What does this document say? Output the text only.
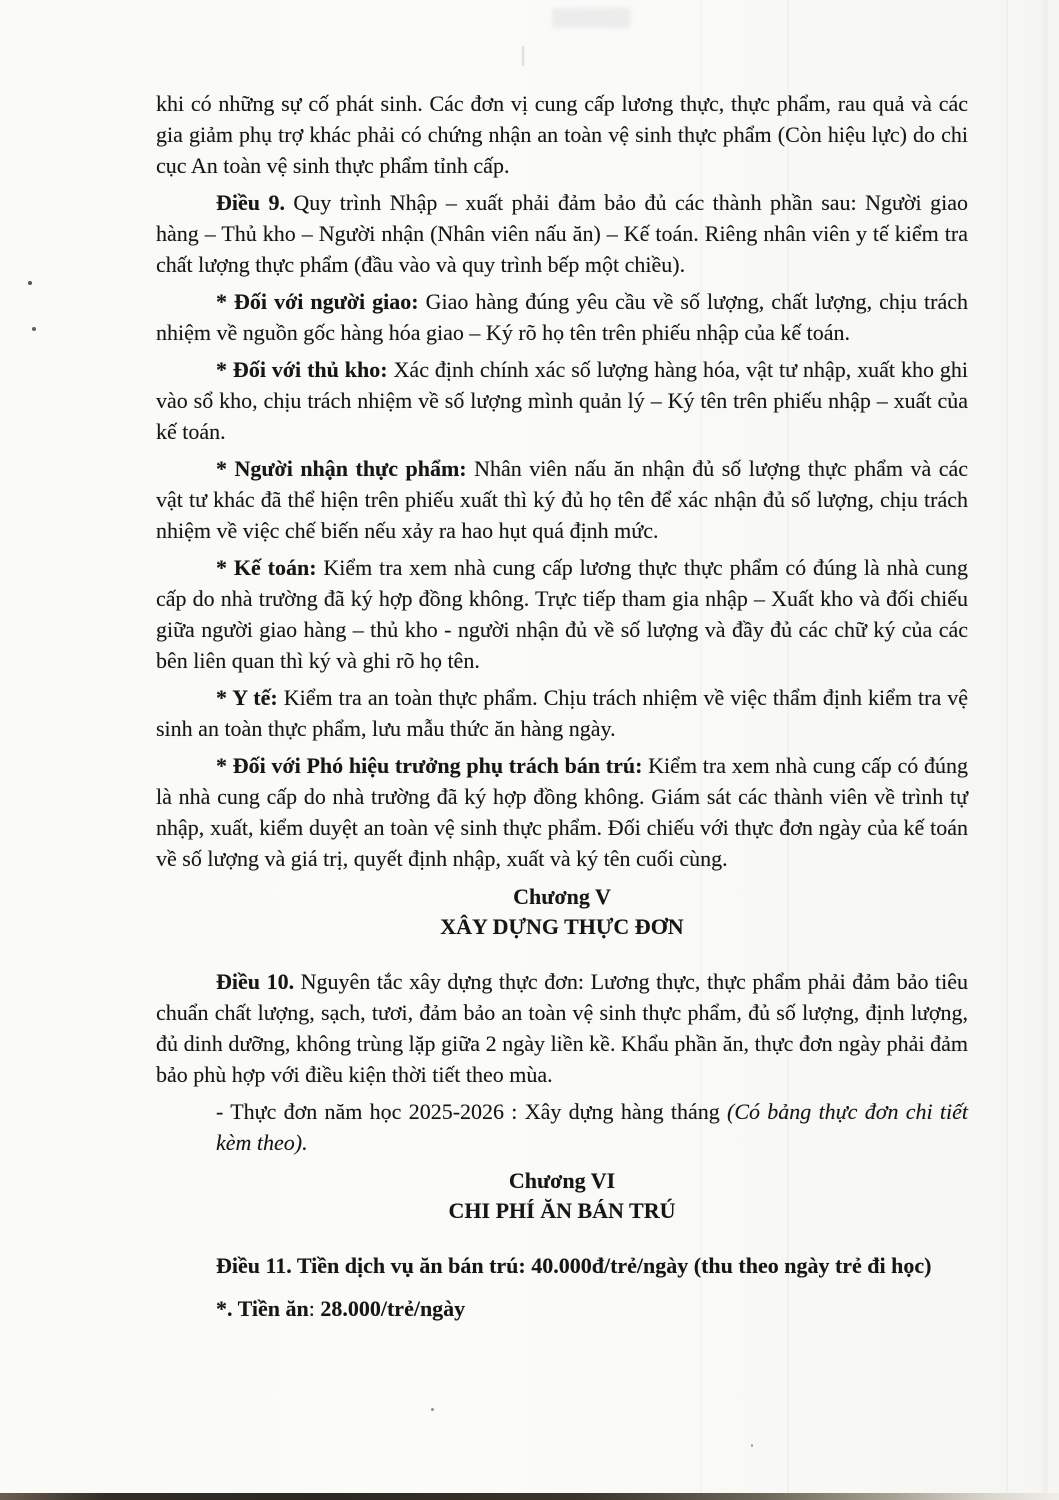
khi có những sự cố phát sinh. Các đơn vị cung cấp lương thực, thực phẩm, rau quả và các gia giảm phụ trợ khác phải có chứng nhận an toàn vệ sinh thực phẩm (Còn hiệu lực) do chi cục An toàn vệ sinh thực phẩm tỉnh cấp.

Điều 9. Quy trình Nhập – xuất phải đảm bảo đủ các thành phần sau: Người giao hàng – Thủ kho – Người nhận (Nhân viên nấu ăn) – Kế toán. Riêng nhân viên y tế kiểm tra chất lượng thực phẩm (đầu vào và quy trình bếp một chiều).

* Đối với người giao: Giao hàng đúng yêu cầu về số lượng, chất lượng, chịu trách nhiệm về nguồn gốc hàng hóa giao – Ký rõ họ tên trên phiếu nhập của kế toán.

* Đối với thủ kho: Xác định chính xác số lượng hàng hóa, vật tư nhập, xuất kho ghi vào sổ kho, chịu trách nhiệm về số lượng mình quản lý – Ký tên trên phiếu nhập – xuất của kế toán.

* Người nhận thực phẩm: Nhân viên nấu ăn nhận đủ số lượng thực phẩm và các vật tư khác đã thể hiện trên phiếu xuất thì ký đủ họ tên để xác nhận đủ số lượng, chịu trách nhiệm về việc chế biến nếu xảy ra hao hụt quá định mức.

* Kế toán: Kiểm tra xem nhà cung cấp lương thực thực phẩm có đúng là nhà cung cấp do nhà trường đã ký hợp đồng không. Trực tiếp tham gia nhập – Xuất kho và đối chiếu giữa người giao hàng – thủ kho - người nhận đủ về số lượng và đầy đủ các chữ ký của các bên liên quan thì ký và ghi rõ họ tên.

* Y tế: Kiểm tra an toàn thực phẩm. Chịu trách nhiệm về việc thẩm định kiểm tra vệ sinh an toàn thực phẩm, lưu mẫu thức ăn hàng ngày.

* Đối với Phó hiệu trưởng phụ trách bán trú: Kiểm tra xem nhà cung cấp có đúng là nhà cung cấp do nhà trường đã ký hợp đồng không. Giám sát các thành viên về trình tự nhập, xuất, kiểm duyệt an toàn vệ sinh thực phẩm. Đối chiếu với thực đơn ngày của kế toán về số lượng và giá trị, quyết định nhập, xuất và ký tên cuối cùng.

Chương V
XÂY DỰNG THỰC ĐƠN

Điều 10. Nguyên tắc xây dựng thực đơn: Lương thực, thực phẩm phải đảm bảo tiêu chuẩn chất lượng, sạch, tươi, đảm bảo an toàn vệ sinh thực phẩm, đủ số lượng, định lượng, đủ dinh dưỡng, không trùng lặp giữa 2 ngày liền kề. Khẩu phần ăn, thực đơn ngày phải đảm bảo phù hợp với điều kiện thời tiết theo mùa.

- Thực đơn năm học 2025-2026 : Xây dựng hàng tháng (Có bảng thực đơn chi tiết kèm theo).

Chương VI
CHI PHÍ ĂN BÁN TRÚ

Điều 11. Tiền dịch vụ ăn bán trú: 40.000đ/trẻ/ngày (thu theo ngày trẻ đi học)

*. Tiền ăn: 28.000/trẻ/ngày
